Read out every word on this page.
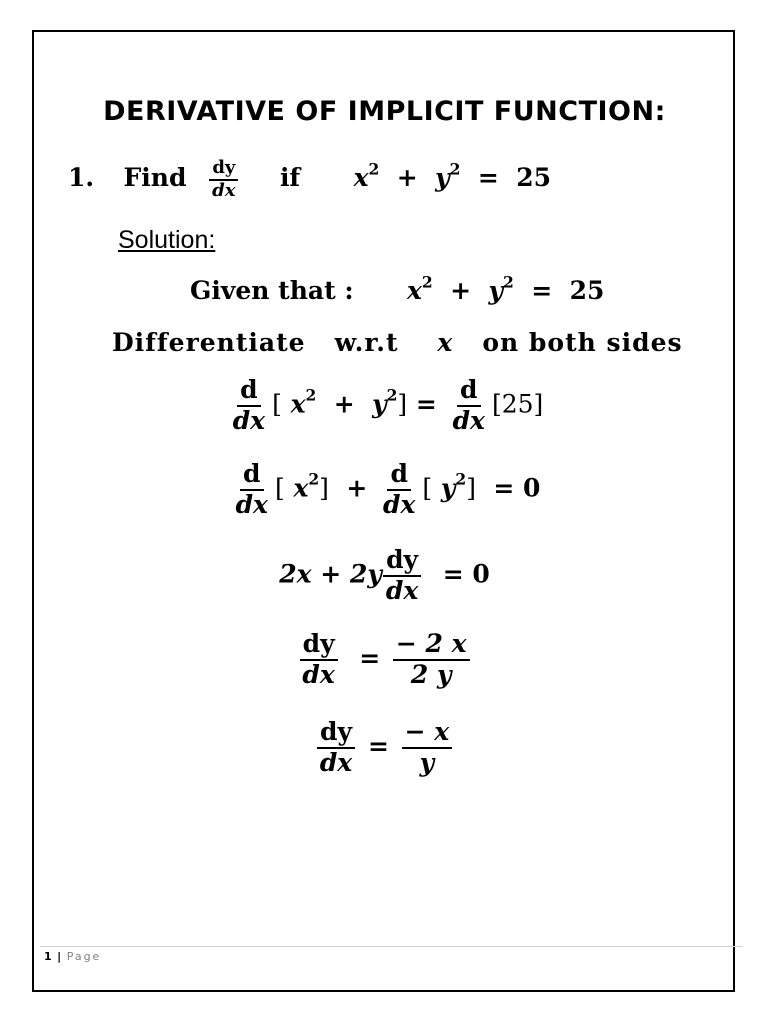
DERIVATIVE OF IMPLICIT FUNCTION:
1. Find $\frac{dy}{dx}$ if $x^2 + y^2 = 25$
Solution:
Given that : $x^2 + y^2 = 25$
Differentiate w.r.t x on both sides
$\frac{d}{dx}$ [ $x^2 + y^2] = \frac{d}{dx} [25]$
$\frac{d}{dx}$ [ $x^2] + \frac{d}{dx}$ [ $y^2] = 0$
$2x + 2y \frac{dy}{dx} = 0$
$\frac{dy}{dx} = \frac{- 2 x}{2 y}$
$\frac{dy}{dx} = \frac{- x}{y}$
1 | Page
